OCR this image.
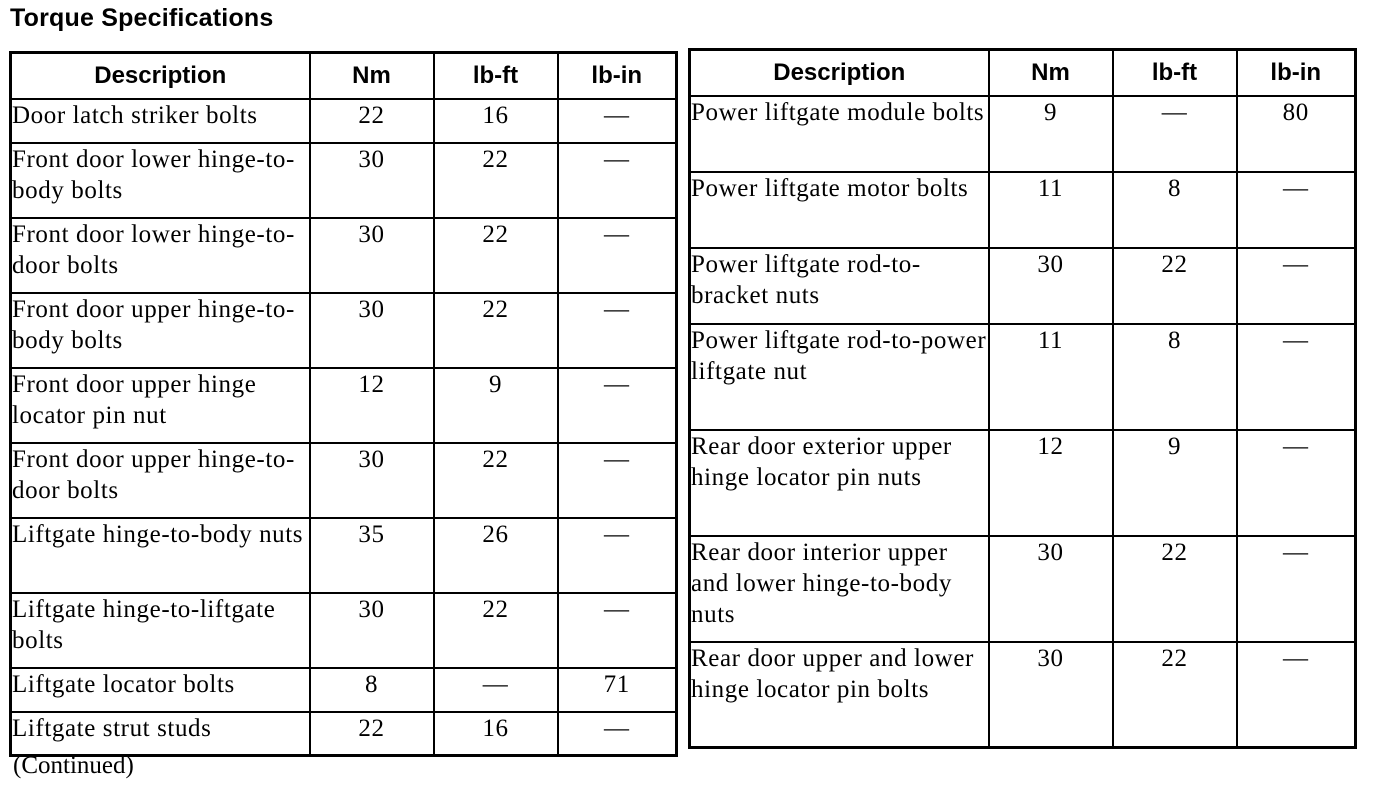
Torque Specifications
Description	Nm	lb-ft	lb-in
Door latch striker bolts	22	16	—
Front door lower hinge-to-body bolts	30	22	—
Front door lower hinge-to-door bolts	30	22	—
Front door upper hinge-to-body bolts	30	22	—
Front door upper hinge locator pin nut	12	9	—
Front door upper hinge-to-door bolts	30	22	—
Liftgate hinge-to-body nuts	35	26	—
Liftgate hinge-to-liftgate bolts	30	22	—
Liftgate locator bolts	8	—	71
Liftgate strut studs	22	16	—
Description	Nm	lb-ft	lb-in
Power liftgate module bolts	9	—	80
Power liftgate motor bolts	11	8	—
Power liftgate rod-to-bracket nuts	30	22	—
Power liftgate rod-to-power liftgate nut	11	8	—
Rear door exterior upper hinge locator pin nuts	12	9	—
Rear door interior upper and lower hinge-to-body nuts	30	22	—
Rear door upper and lower hinge locator pin bolts	30	22	—
(Continued)
